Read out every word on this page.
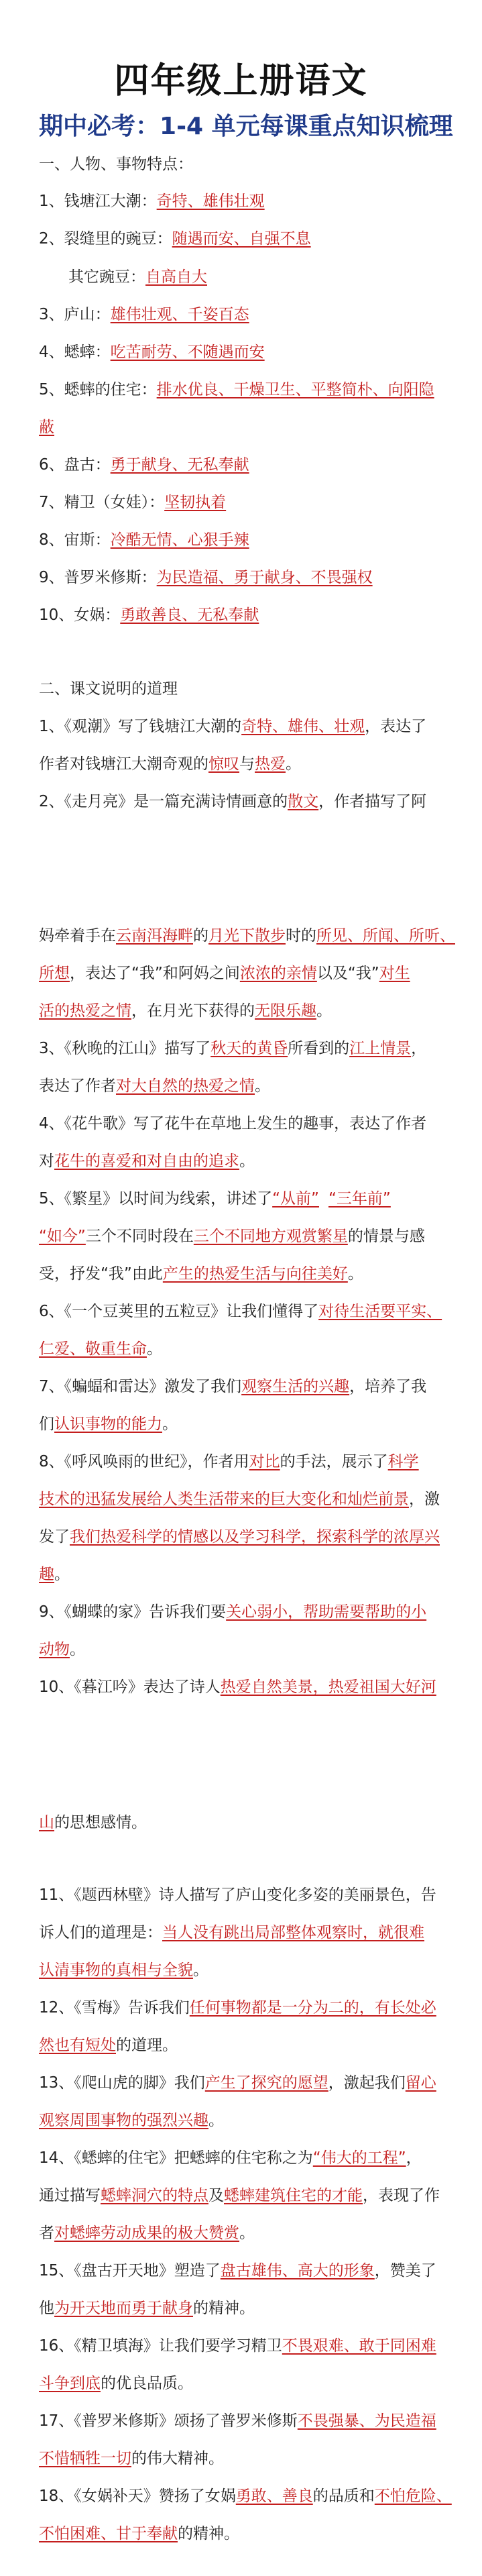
四年级上册语文
期中必考：1-4 单元每课重点知识梳理
一、人物、事物特点：
1、钱塘江大潮：奇特、雄伟壮观
2、裂缝里的豌豆：随遇而安、自强不息
其它豌豆：自高自大
3、庐山：雄伟壮观、千姿百态
4、蟋蟀：吃苦耐劳、不随遇而安
5、蟋蟀的住宅：排水优良、干燥卫生、平整简朴、向阳隐
蔽
6、盘古：勇于献身、无私奉献
7、精卫（女娃）：坚韧执着
8、宙斯：冷酷无情、心狠手辣
9、普罗米修斯：为民造福、勇于献身、不畏强权
10、女娲：勇敢善良、无私奉献
二、课文说明的道理
1、《观潮》写了钱塘江大潮的奇特、雄伟、壮观，表达了
作者对钱塘江大潮奇观的惊叹与热爱。
2、《走月亮》是一篇充满诗情画意的散文，作者描写了阿
妈牵着手在云南洱海畔的月光下散步时的所见、所闻、所听、
所想，表达了“我”和阿妈之间浓浓的亲情以及“我”对生
活的热爱之情，在月光下获得的无限乐趣。
3、《秋晚的江山》描写了秋天的黄昏所看到的江上情景，
表达了作者对大自然的热爱之情。
4、《花牛歌》写了花牛在草地上发生的趣事，表达了作者
对花牛的喜爱和对自由的追求。
5、《繁星》以时间为线索，讲述了“从前” “三年前”
“如今”三个不同时段在三个不同地方观赏繁星的情景与感
受，抒发“我”由此产生的热爱生活与向往美好。
6、《一个豆荚里的五粒豆》让我们懂得了对待生活要平实、
仁爱、敬重生命。
7、《蝙蝠和雷达》激发了我们观察生活的兴趣，培养了我
们认识事物的能力。
8、《呼风唤雨的世纪》，作者用对比的手法，展示了科学
技术的迅猛发展给人类生活带来的巨大变化和灿烂前景，激
发了我们热爱科学的情感以及学习科学，探索科学的浓厚兴
趣。
9、《蝴蝶的家》告诉我们要关心弱小，帮助需要帮助的小
动物。
10、《暮江吟》表达了诗人热爱自然美景，热爱祖国大好河
山的思想感情。
11、《题西林壁》诗人描写了庐山变化多姿的美丽景色，告
诉人们的道理是：当人没有跳出局部整体观察时，就很难
认清事物的真相与全貌。
12、《雪梅》告诉我们任何事物都是一分为二的，有长处必
然也有短处的道理。
13、《爬山虎的脚》我们产生了探究的愿望，激起我们留心
观察周围事物的强烈兴趣。
14、《蟋蟀的住宅》把蟋蟀的住宅称之为“伟大的工程”，
通过描写蟋蟀洞穴的特点及蟋蟀建筑住宅的才能，表现了作
者对蟋蟀劳动成果的极大赞赏。
15、《盘古开天地》塑造了盘古雄伟、高大的形象，赞美了
他为开天地而勇于献身的精神。
16、《精卫填海》让我们要学习精卫不畏艰难、敢于同困难
斗争到底的优良品质。
17、《普罗米修斯》颂扬了普罗米修斯不畏强暴、为民造福
不惜牺牲一切的伟大精神。
18、《女娲补天》赞扬了女娲勇敢、善良的品质和不怕危险、
不怕困难、甘于奉献的精神。
